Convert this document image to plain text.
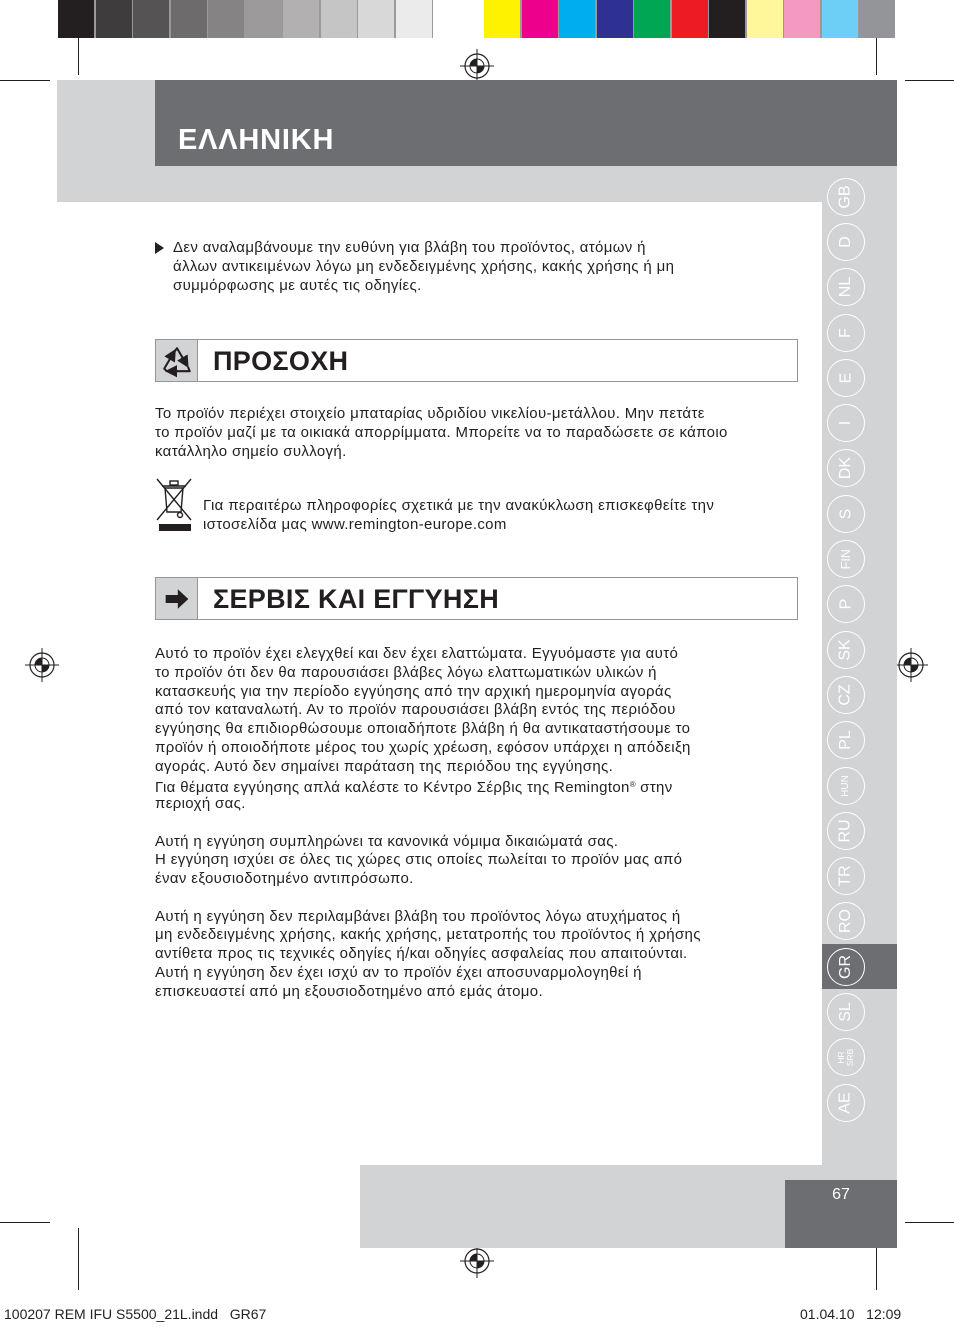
ΕΛΛΗΝΙΚΗ
GB
D
NL
F
E
I
DK
S
FIN
P
SK
CZ
PL
HUN
RU
TR
RO
GR
SL
HR
SRB
AE
Δεν αναλαμβάνουμε την ευθύνη για βλάβη του προϊόντος, ατόμων ή
άλλων αντικειμένων λόγω μη ενδεδειγμένης χρήσης, κακής χρήσης ή μη
συμμόρφωσης με αυτές τις οδηγίες.
ΠΡΟΣΟΧΗ
Το προϊόν περιέχει στοιχείο μπαταρίας υδριδίου νικελίου-μετάλλου. Μην πετάτε
το προϊόν μαζί με τα οικιακά απορρίμματα. Μπορείτε να το παραδώσετε σε κάποιο
κατάλληλο σημείο συλλογή.
Για περαιτέρω πληροφορίες σχετικά με την ανακύκλωση επισκεφθείτε την
ιστοσελίδα μας www.remington-europe.com
ΣΕΡΒΙΣ ΚΑΙ ΕΓΓΥΗΣΗ
Αυτό το προϊόν έχει ελεγχθεί και δεν έχει ελαττώματα. Εγγυόμαστε για αυτό
το προϊόν ότι δεν θα παρουσιάσει βλάβες λόγω ελαττωματικών υλικών ή
κατασκευής για την περίοδο εγγύησης από την αρχική ημερομηνία αγοράς
από τον καταναλωτή. Αν το προϊόν παρουσιάσει βλάβη εντός της περιόδου
εγγύησης θα επιδιορθώσουμε οποιαδήποτε βλάβη ή θα αντικαταστήσουμε το
προϊόν ή οποιοδήποτε μέρος του χωρίς χρέωση, εφόσον υπάρχει η απόδειξη
αγοράς. Αυτό δεν σημαίνει παράταση της περιόδου της εγγύησης.
Για θέματα εγγύησης απλά καλέστε το Κέντρο Σέρβις της Remington® στην
περιοχή σας.
Αυτή η εγγύηση συμπληρώνει τα κανονικά νόμιμα δικαιώματά σας.
Η εγγύηση ισχύει σε όλες τις χώρες στις οποίες πωλείται το προϊόν μας από
έναν εξουσιοδοτημένο αντιπρόσωπο.
Αυτή η εγγύηση δεν περιλαμβάνει βλάβη του προϊόντος λόγω ατυχήματος ή
μη ενδεδειγμένης χρήσης, κακής χρήσης, μετατροπής του προϊόντος ή χρήσης
αντίθετα προς τις τεχνικές οδηγίες ή/και οδηγίες ασφαλείας που απαιτούνται.
Αυτή η εγγύηση δεν έχει ισχύ αν το προϊόν έχει αποσυναρμολογηθεί ή
επισκευαστεί από μη εξουσιοδοτημένο από εμάς άτομο.
67
100207 REM IFU S5500_21L.indd   GR67	01.04.10   12:09
